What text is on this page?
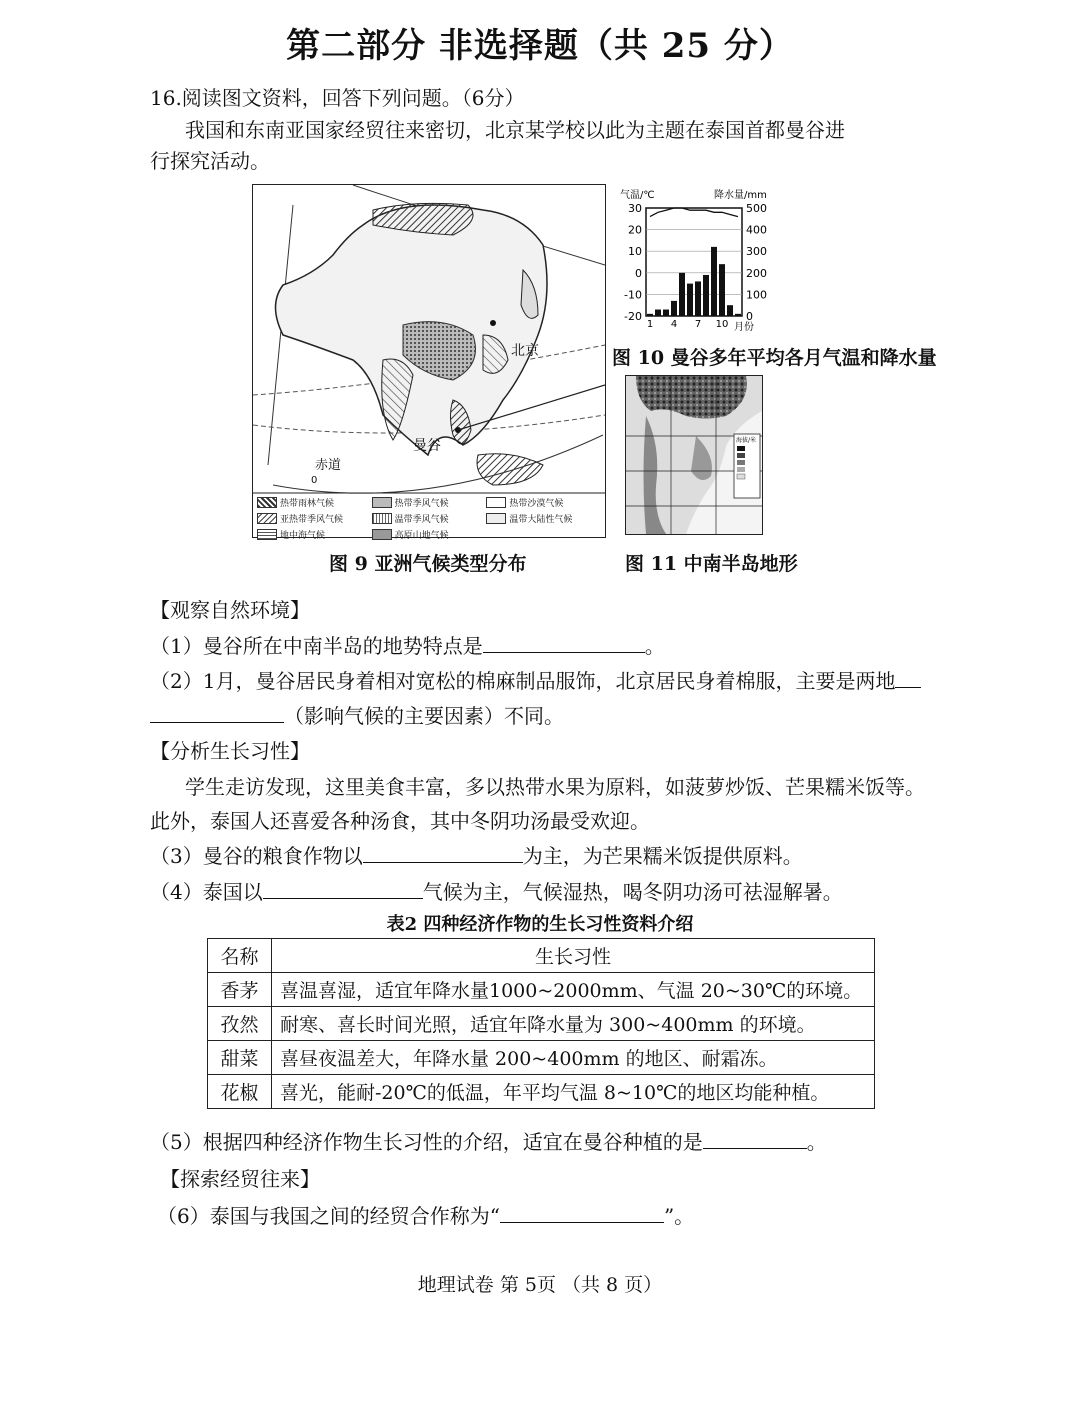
第二部分 非选择题（共 25 分）
16.阅读图文资料，回答下列问题。（6分）
我国和东南亚国家经贸往来密切，北京某学校以此为主题在泰国首都曼谷进
行探究活动。
北京
曼谷
赤道
0
热带雨林气候	热带季风气候	热带沙漠气候
亚热带季风气候	温带季风气候	温带大陆性气候
地中海气候	高原山地气候
图 9 亚洲气候类型分布
气温/℃	降水量/mm
30
20
10
0
-10
-20
500
400
300
200
100
0
1 4 7 10 月份
图 10 曼谷多年平均各月气温和降水量
海拔/米
图 11 中南半岛地形
【观察自然环境】
（1）曼谷所在中南半岛的地势特点是	。
（2）1月，曼谷居民身着相对宽松的棉麻制品服饰，北京居民身着棉服，主要是两地
（影响气候的主要因素）不同。
【分析生长习性】
学生走访发现，这里美食丰富，多以热带水果为原料，如菠萝炒饭、芒果糯米饭等。
此外，泰国人还喜爱各种汤食，其中冬阴功汤最受欢迎。
（3）曼谷的粮食作物以	为主，为芒果糯米饭提供原料。
（4）泰国以	气候为主，气候湿热，喝冬阴功汤可祛湿解暑。
表2 四种经济作物的生长习性资料介绍
名称	生长习性
香茅	喜温喜湿，适宜年降水量1000~2000mm、气温 20~30℃的环境。
孜然	耐寒、喜长时间光照，适宜年降水量为 300~400mm 的环境。
甜菜	喜昼夜温差大，年降水量 200~400mm 的地区、耐霜冻。
花椒	喜光，能耐-20℃的低温，年平均气温 8~10℃的地区均能种植。
（5）根据四种经济作物生长习性的介绍，适宜在曼谷种植的是	。
【探索经贸往来】
（6）泰国与我国之间的经贸合作称为“	”。
地理试卷 第 5页 （共 8 页）
